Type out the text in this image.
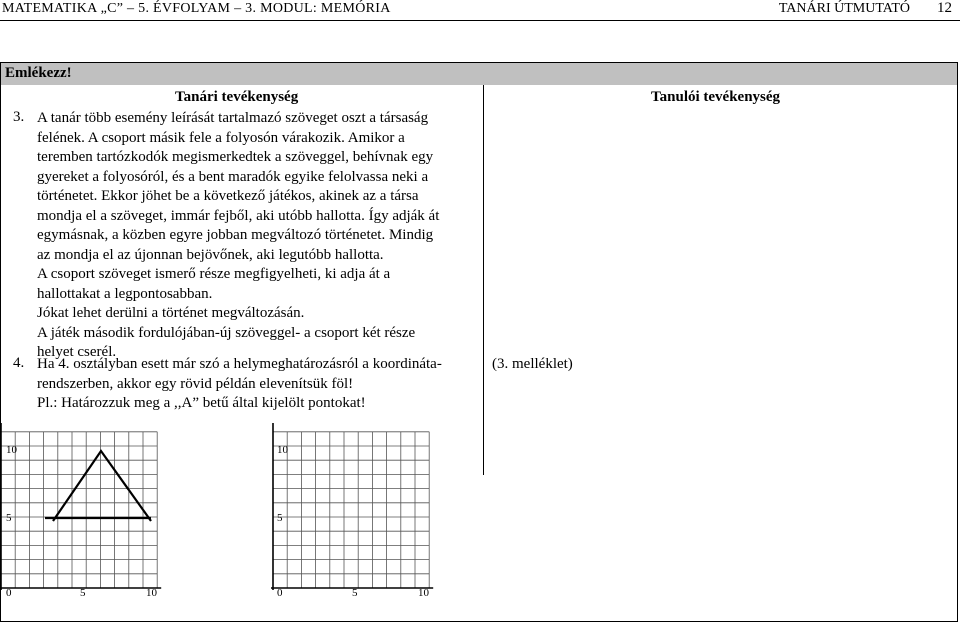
MATEMATIKA „C” – 5. ÉVFOLYAM – 3. MODUL: MEMÓRIA	TANÁRI ÚTMUTATÓ 12
Emlékezz!
Tanári tevékenység	Tanulói tevékenység
3. A tanár több esemény leírását tartalmazó szöveget oszt a társaság
felének. A csoport másik fele a folyosón várakozik. Amikor a
teremben tartózkodók megismerkedtek a szöveggel, behívnak egy
gyereket a folyosóról, és a bent maradók egyike felolvassa neki a
történetet. Ekkor jöhet be a következő játékos, akinek az a társa
mondja el a szöveget, immár fejből, aki utóbb hallotta. Így adják át
egymásnak, a közben egyre jobban megváltozó történetet. Mindig
az mondja el az újonnan bejövőnek, aki legutóbb hallotta.
A csoport szöveget ismerő része megfigyelheti, ki adja át a
hallottakat a legpontosabban.
Jókat lehet derülni a történet megváltozásán.
A játék második fordulójában-új szöveggel- a csoport két része
helyet cserél.
4. Ha 4. osztályban esett már szó a helymeghatározásról a koordináta-
rendszerben, akkor egy rövid példán elevenítsük föl!
Pl.: Határozzuk meg a ,,A” betű által kijelölt pontokat!
(3. melléklet)
10
5
0	5	10
10
5
0	5	10
